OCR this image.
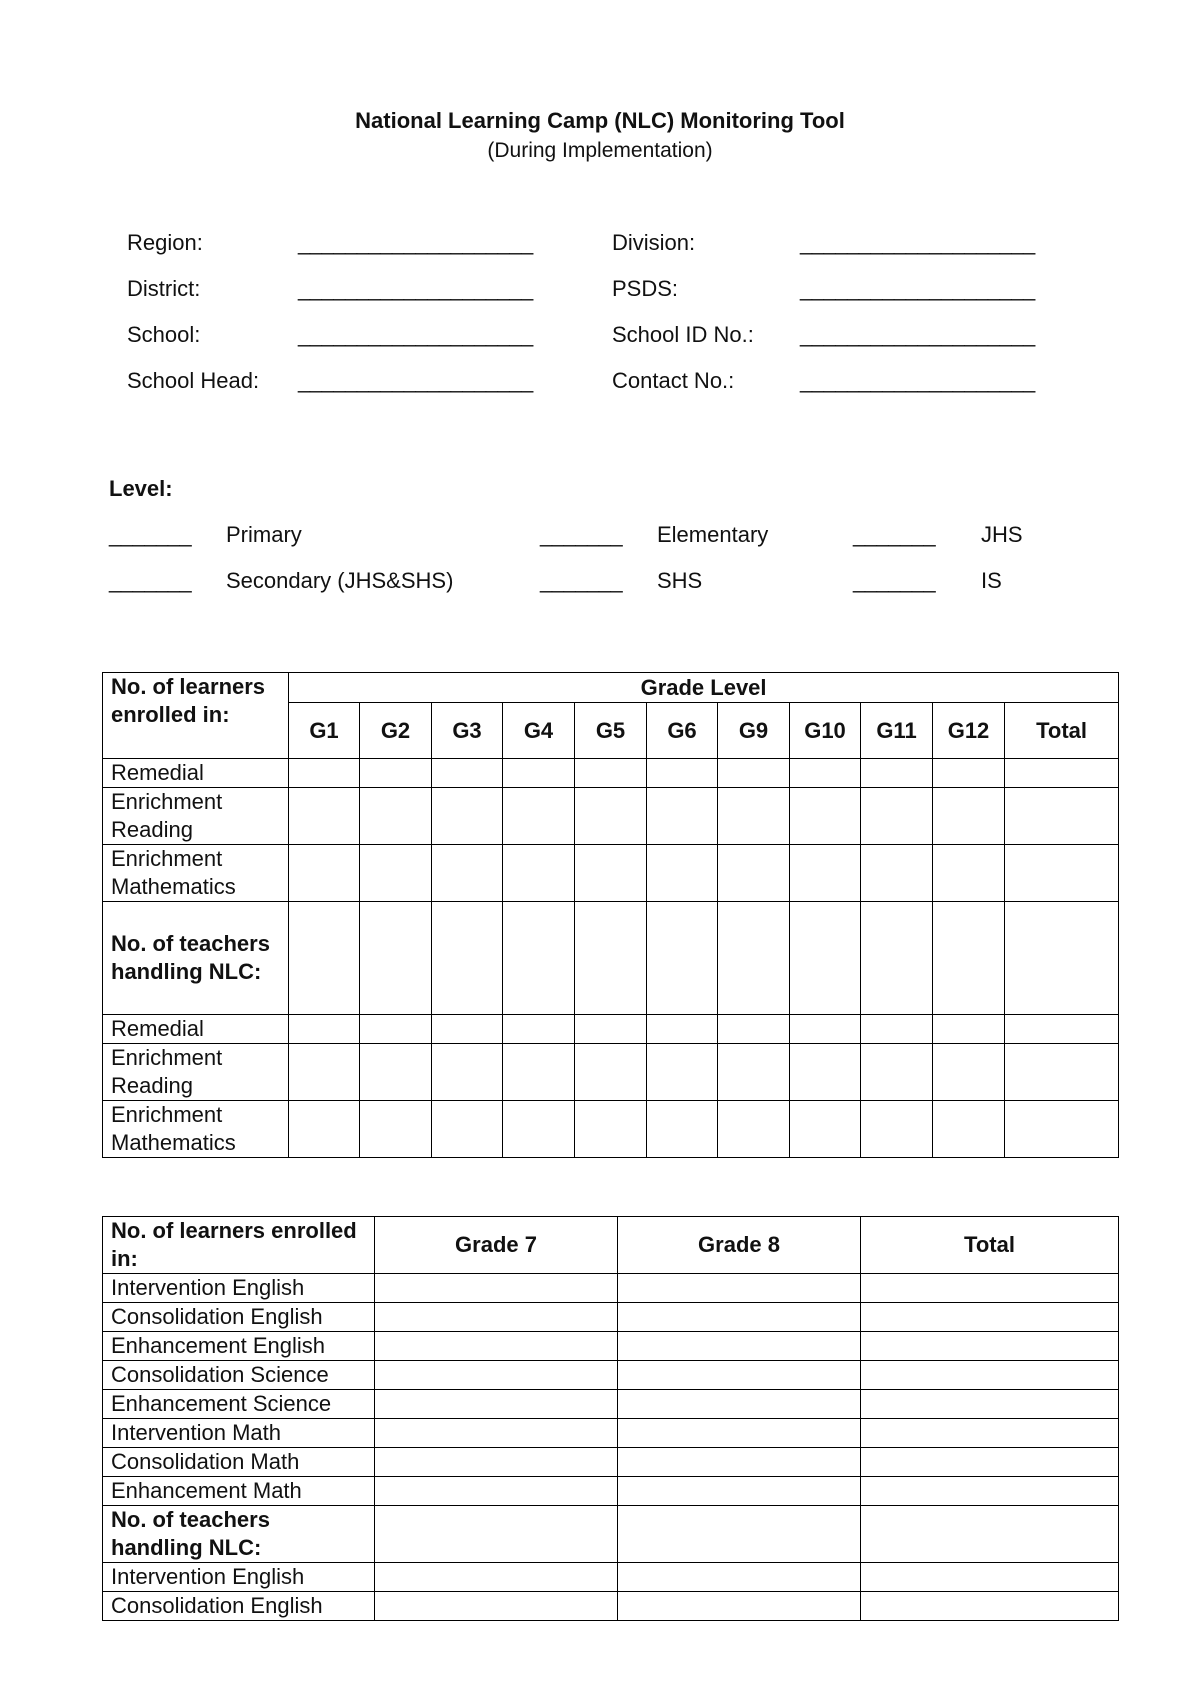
National Learning Camp (NLC) Monitoring Tool
(During Implementation)
Region:	____________________
District:	____________________
School:	____________________
School Head: ____________________
Division:	____________________
PSDS:	____________________
School ID No.: ____________________
Contact No.:	____________________
Level:
_______ Primary	_______ Elementary	_______ JHS
_______ Secondary (JHS&SHS)	_______ SHS	_______ IS
No. of learners enrolled in:	Grade Level										
	G1	G2	G3	G4	G5	G6	G9	G10	G11	G12	Total
Remedial											
Enrichment Reading											
Enrichment Mathematics											
No. of teachers handling NLC:											
Remedial											
Enrichment Reading											
Enrichment Mathematics											
No. of learners enrolled in:	Grade 7	Grade 8	Total
Intervention English			
Consolidation English			
Enhancement English			
Consolidation Science			
Enhancement Science			
Intervention Math			
Consolidation Math			
Enhancement Math			
No. of teachers handling NLC:			
Intervention English			
Consolidation English			
